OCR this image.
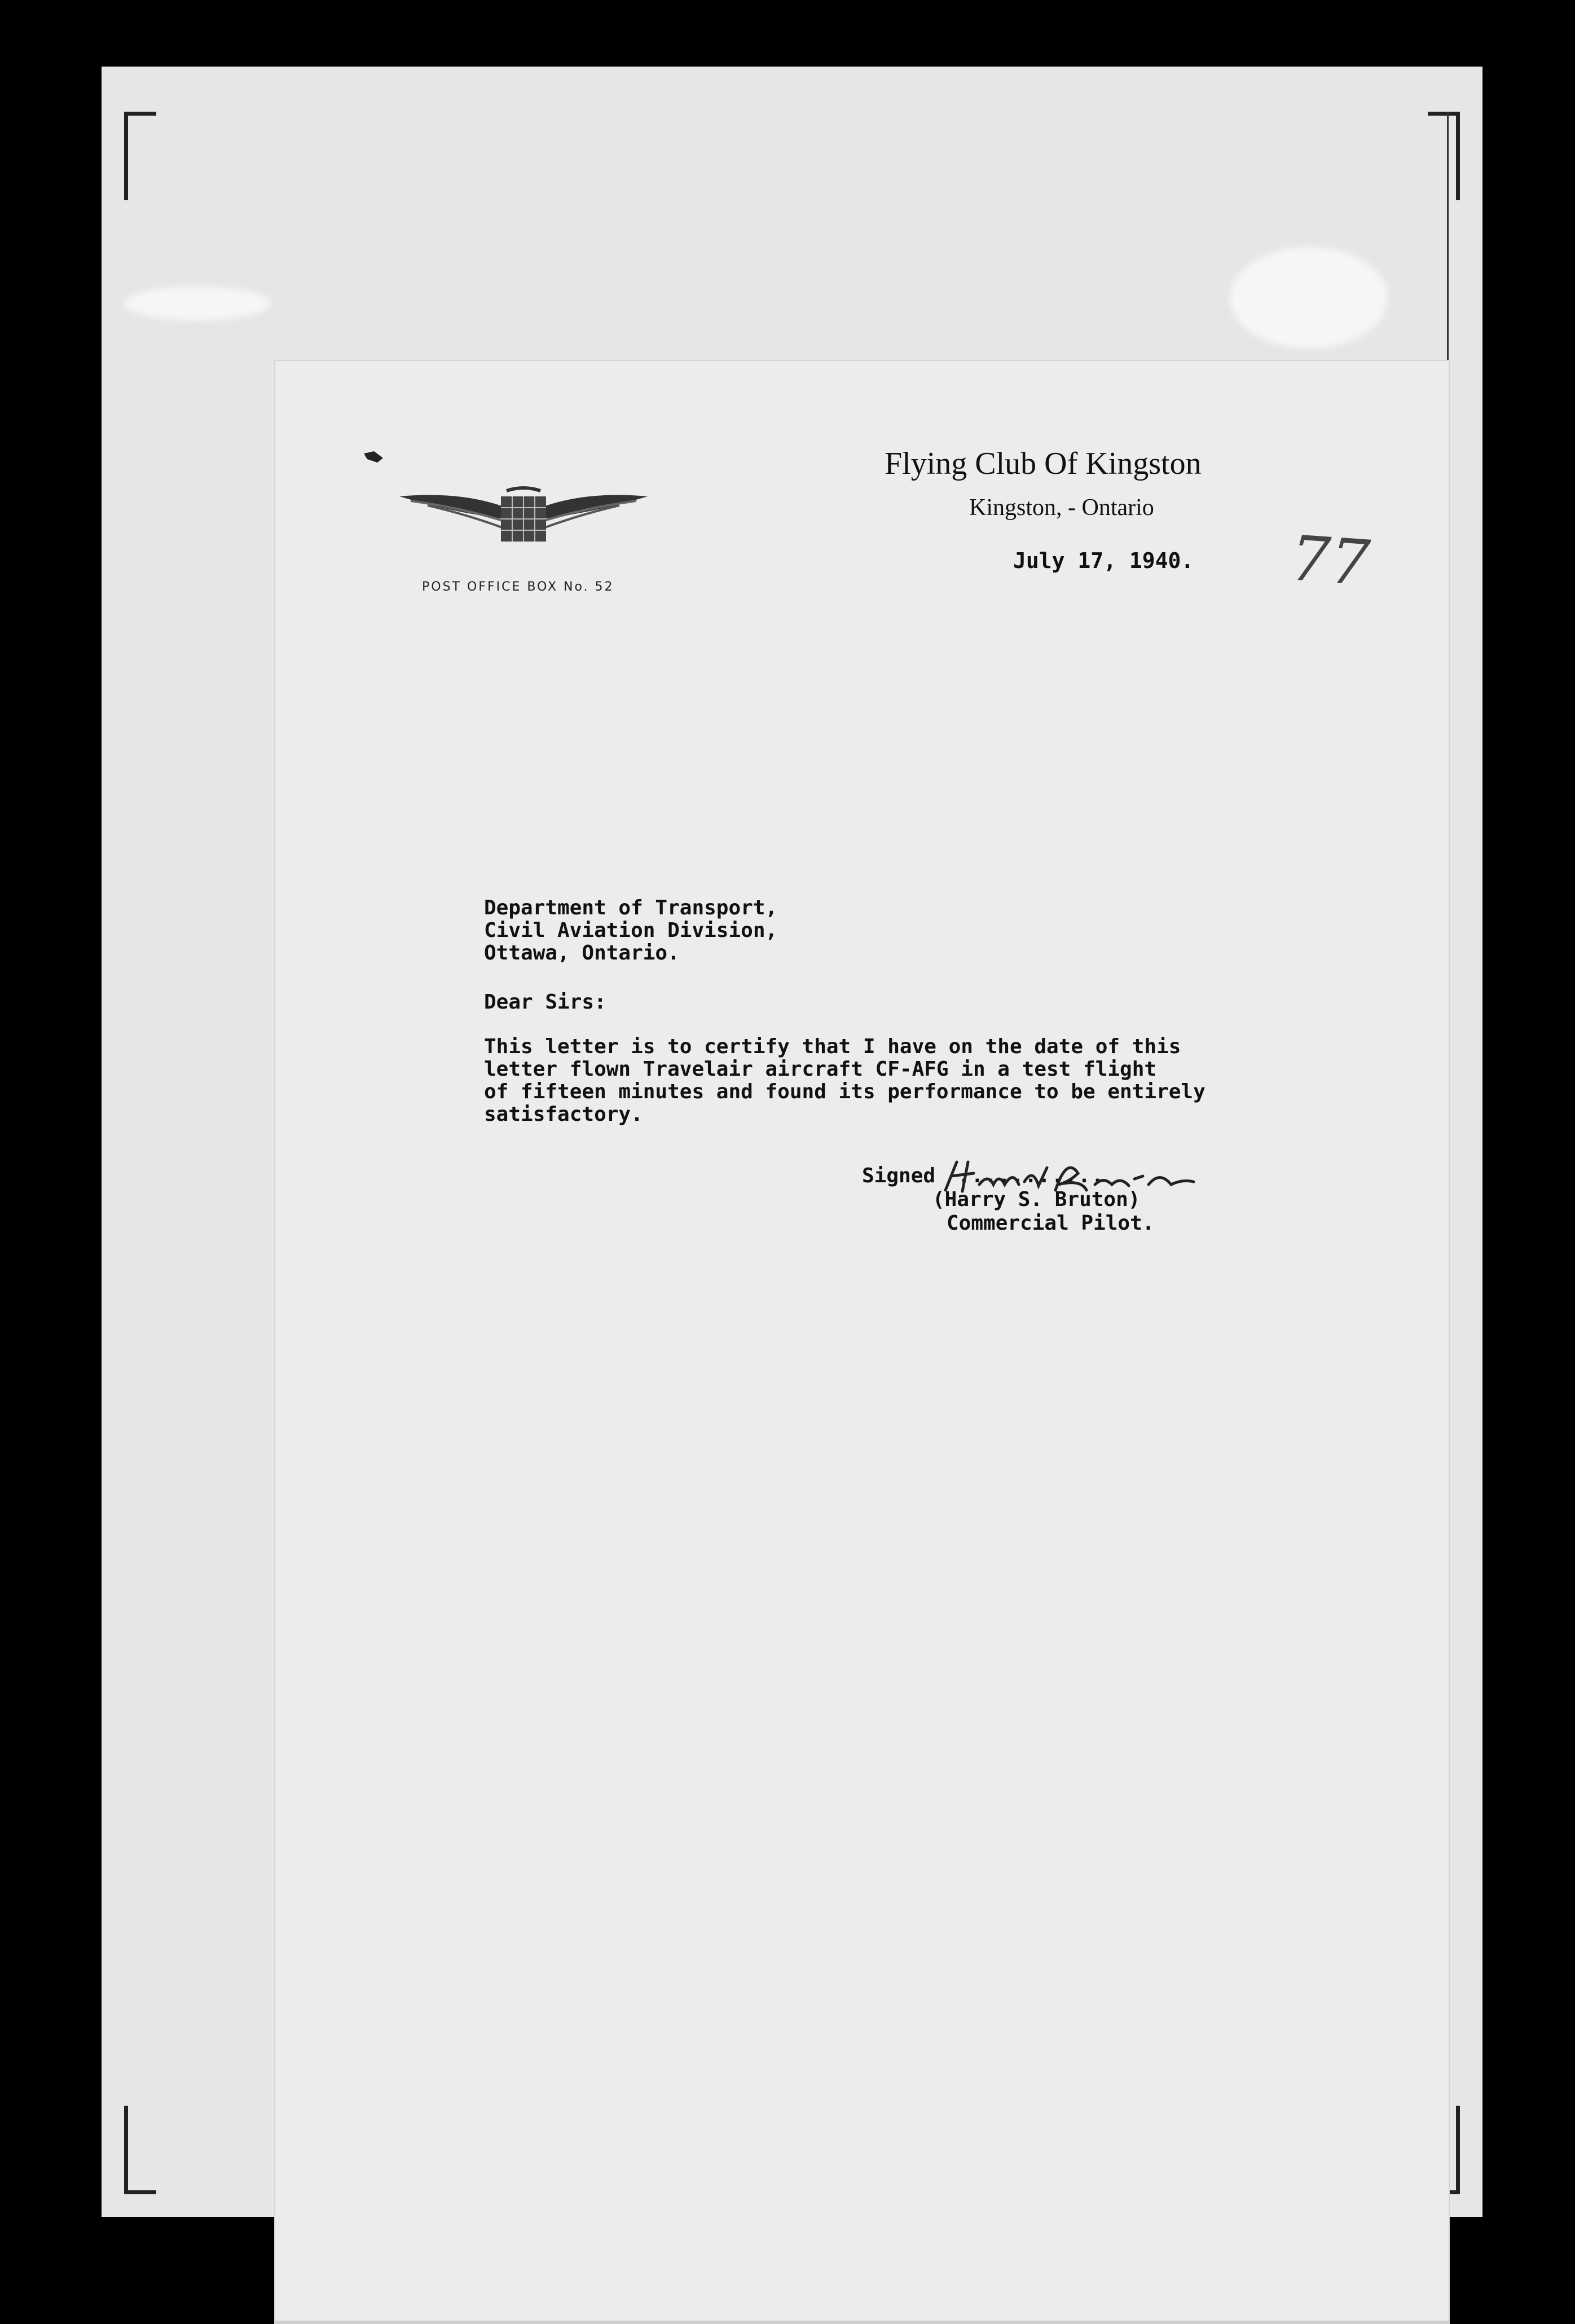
POST OFFICE BOX No. 52
Flying Club Of Kingston
Kingston, - Ontario
July 17, 1940. 77
Department of Transport,
Civil Aviation Division,
Ottawa, Ontario.
Dear Sirs:
This letter is to certify that I have on the date of this
letter flown Travelair aircraft CF-AFG in a test flight
of fifteen minutes and found its performance to be entirely
satisfactory.
Signed ...........
(Harry S. Bruton)
Commercial Pilot.
